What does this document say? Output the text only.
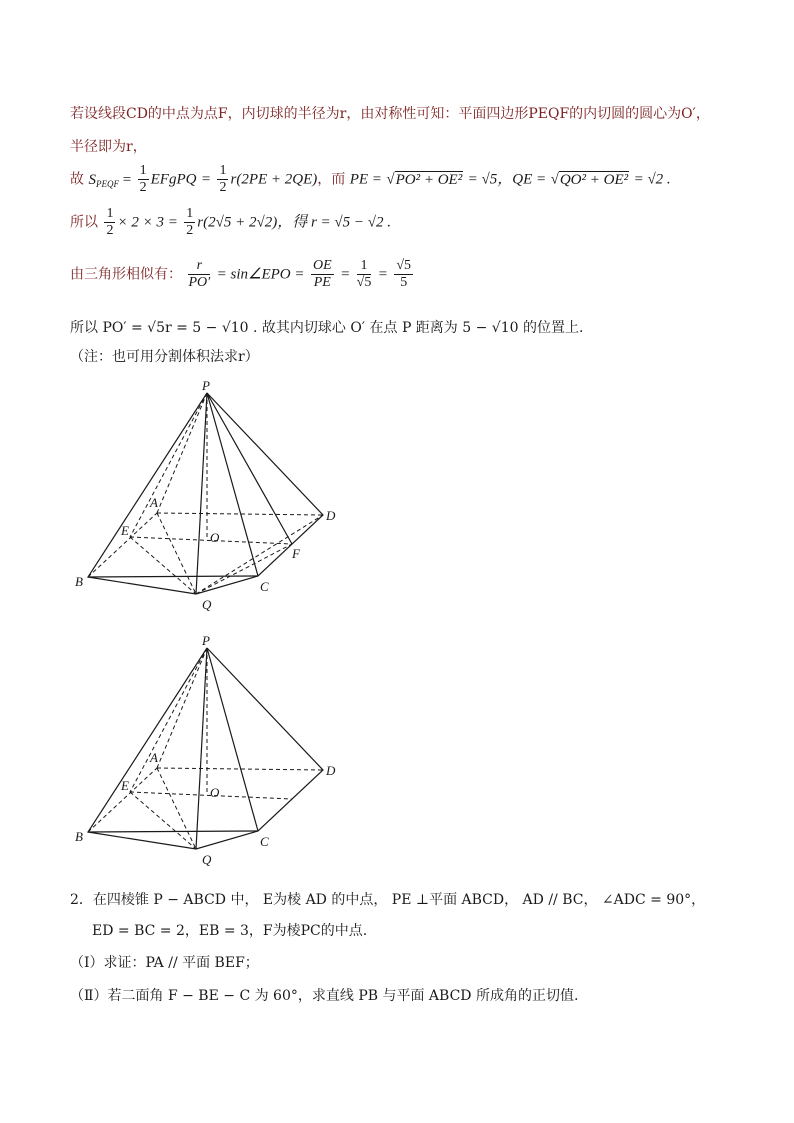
若设线段CD的中点为点F，内切球的半径为r，由对称性可知：平面四边形PEQF的内切圆的圆心为O′，
半径即为r，
故 $S_{PEQF} = \frac{1}{2}$ EFgPQ = $\frac{1}{2} r(2PE + 2QE)$，而 PE = √PO² + OE² = √5，QE = √QO² + OE² = √2 .
所以 $\frac{1}{2} \times 2 \times 3 = \frac{1}{2} r(2√5 + 2√2)$，得 r = √5 − √2 .
由三角形相似有： $\frac{r}{PO'}$ = sin∠EPO = $\frac{OE}{PE} = \frac{1}{√5} = \frac{√5}{5}$
所以 PO′ = √5r = 5 − √10 . 故其内切球心 O′ 在点 P 距离为 5 − √10 的位置上.
（注：也可用分割体积法求r）
P
A
D
E	O
F
B
Q
C
P
A
D
E	O
B
Q
C
2．在四棱锥 P − ABCD 中， E为棱 AD 的中点， PE ⊥平面 ABCD， AD // BC， ∠ADC = 90°，
ED = BC = 2，EB = 3，F为棱PC的中点.
（Ⅰ）求证：PA // 平面 BEF；
（Ⅱ）若二面角 F − BE − C 为 60°，求直线 PB 与平面 ABCD 所成角的正切值.
